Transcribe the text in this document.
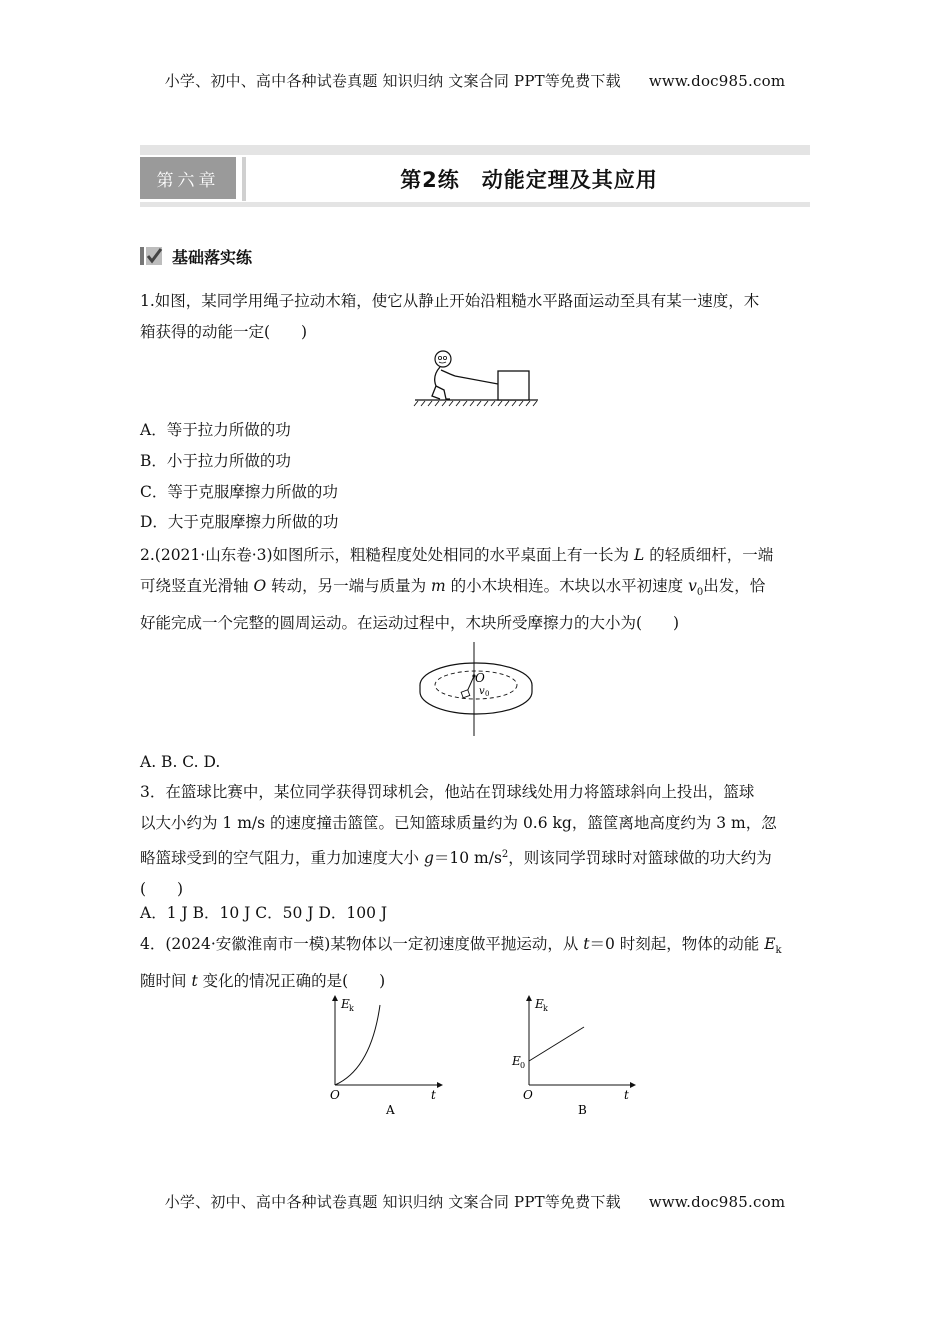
小学、初中、高中各种试卷真题 知识归纳 文案合同 PPT等免费下载 www.doc985.com
第六章	第2练　动能定理及其应用
基础落实练
1.如图，某同学用绳子拉动木箱，使它从静止开始沿粗糙水平路面运动至具有某一速度，木
箱获得的动能一定(　　)
A．等于拉力所做的功
B．小于拉力所做的功
C．等于克服摩擦力所做的功
D．大于克服摩擦力所做的功
2.(2021·山东卷·3)如图所示，粗糙程度处处相同的水平桌面上有一长为 L 的轻质细杆，一端
可绕竖直光滑轴 O 转动，另一端与质量为 m 的小木块相连。木块以水平初速度 $v_0$出发，恰
好能完成一个完整的圆周运动。在运动过程中，木块所受摩擦力的大小为(　　)
O
v 0
A. B. C. D.
3．在篮球比赛中，某位同学获得罚球机会，他站在罚球线处用力将篮球斜向上投出，篮球
以大小约为 1 m/s 的速度撞击篮筐。已知篮球质量约为 0.6 kg，篮筐离地高度约为 3 m，忽
略篮球受到的空气阻力，重力加速度大小 g＝10 $m/s^2$，则该同学罚球时对篮球做的功大约为
(　　)
A．1 J B．10 J C．50 J D．100 J
4．(2024·安徽淮南市一模)某物体以一定初速度做平抛运动，从 t＝0 时刻起，物体的动能 $E_k$
随时间 t 变化的情况正确的是(　　)
E k
t
O
A
E k
E 0
t
O
B
小学、初中、高中各种试卷真题 知识归纳 文案合同 PPT等免费下载 www.doc985.com
